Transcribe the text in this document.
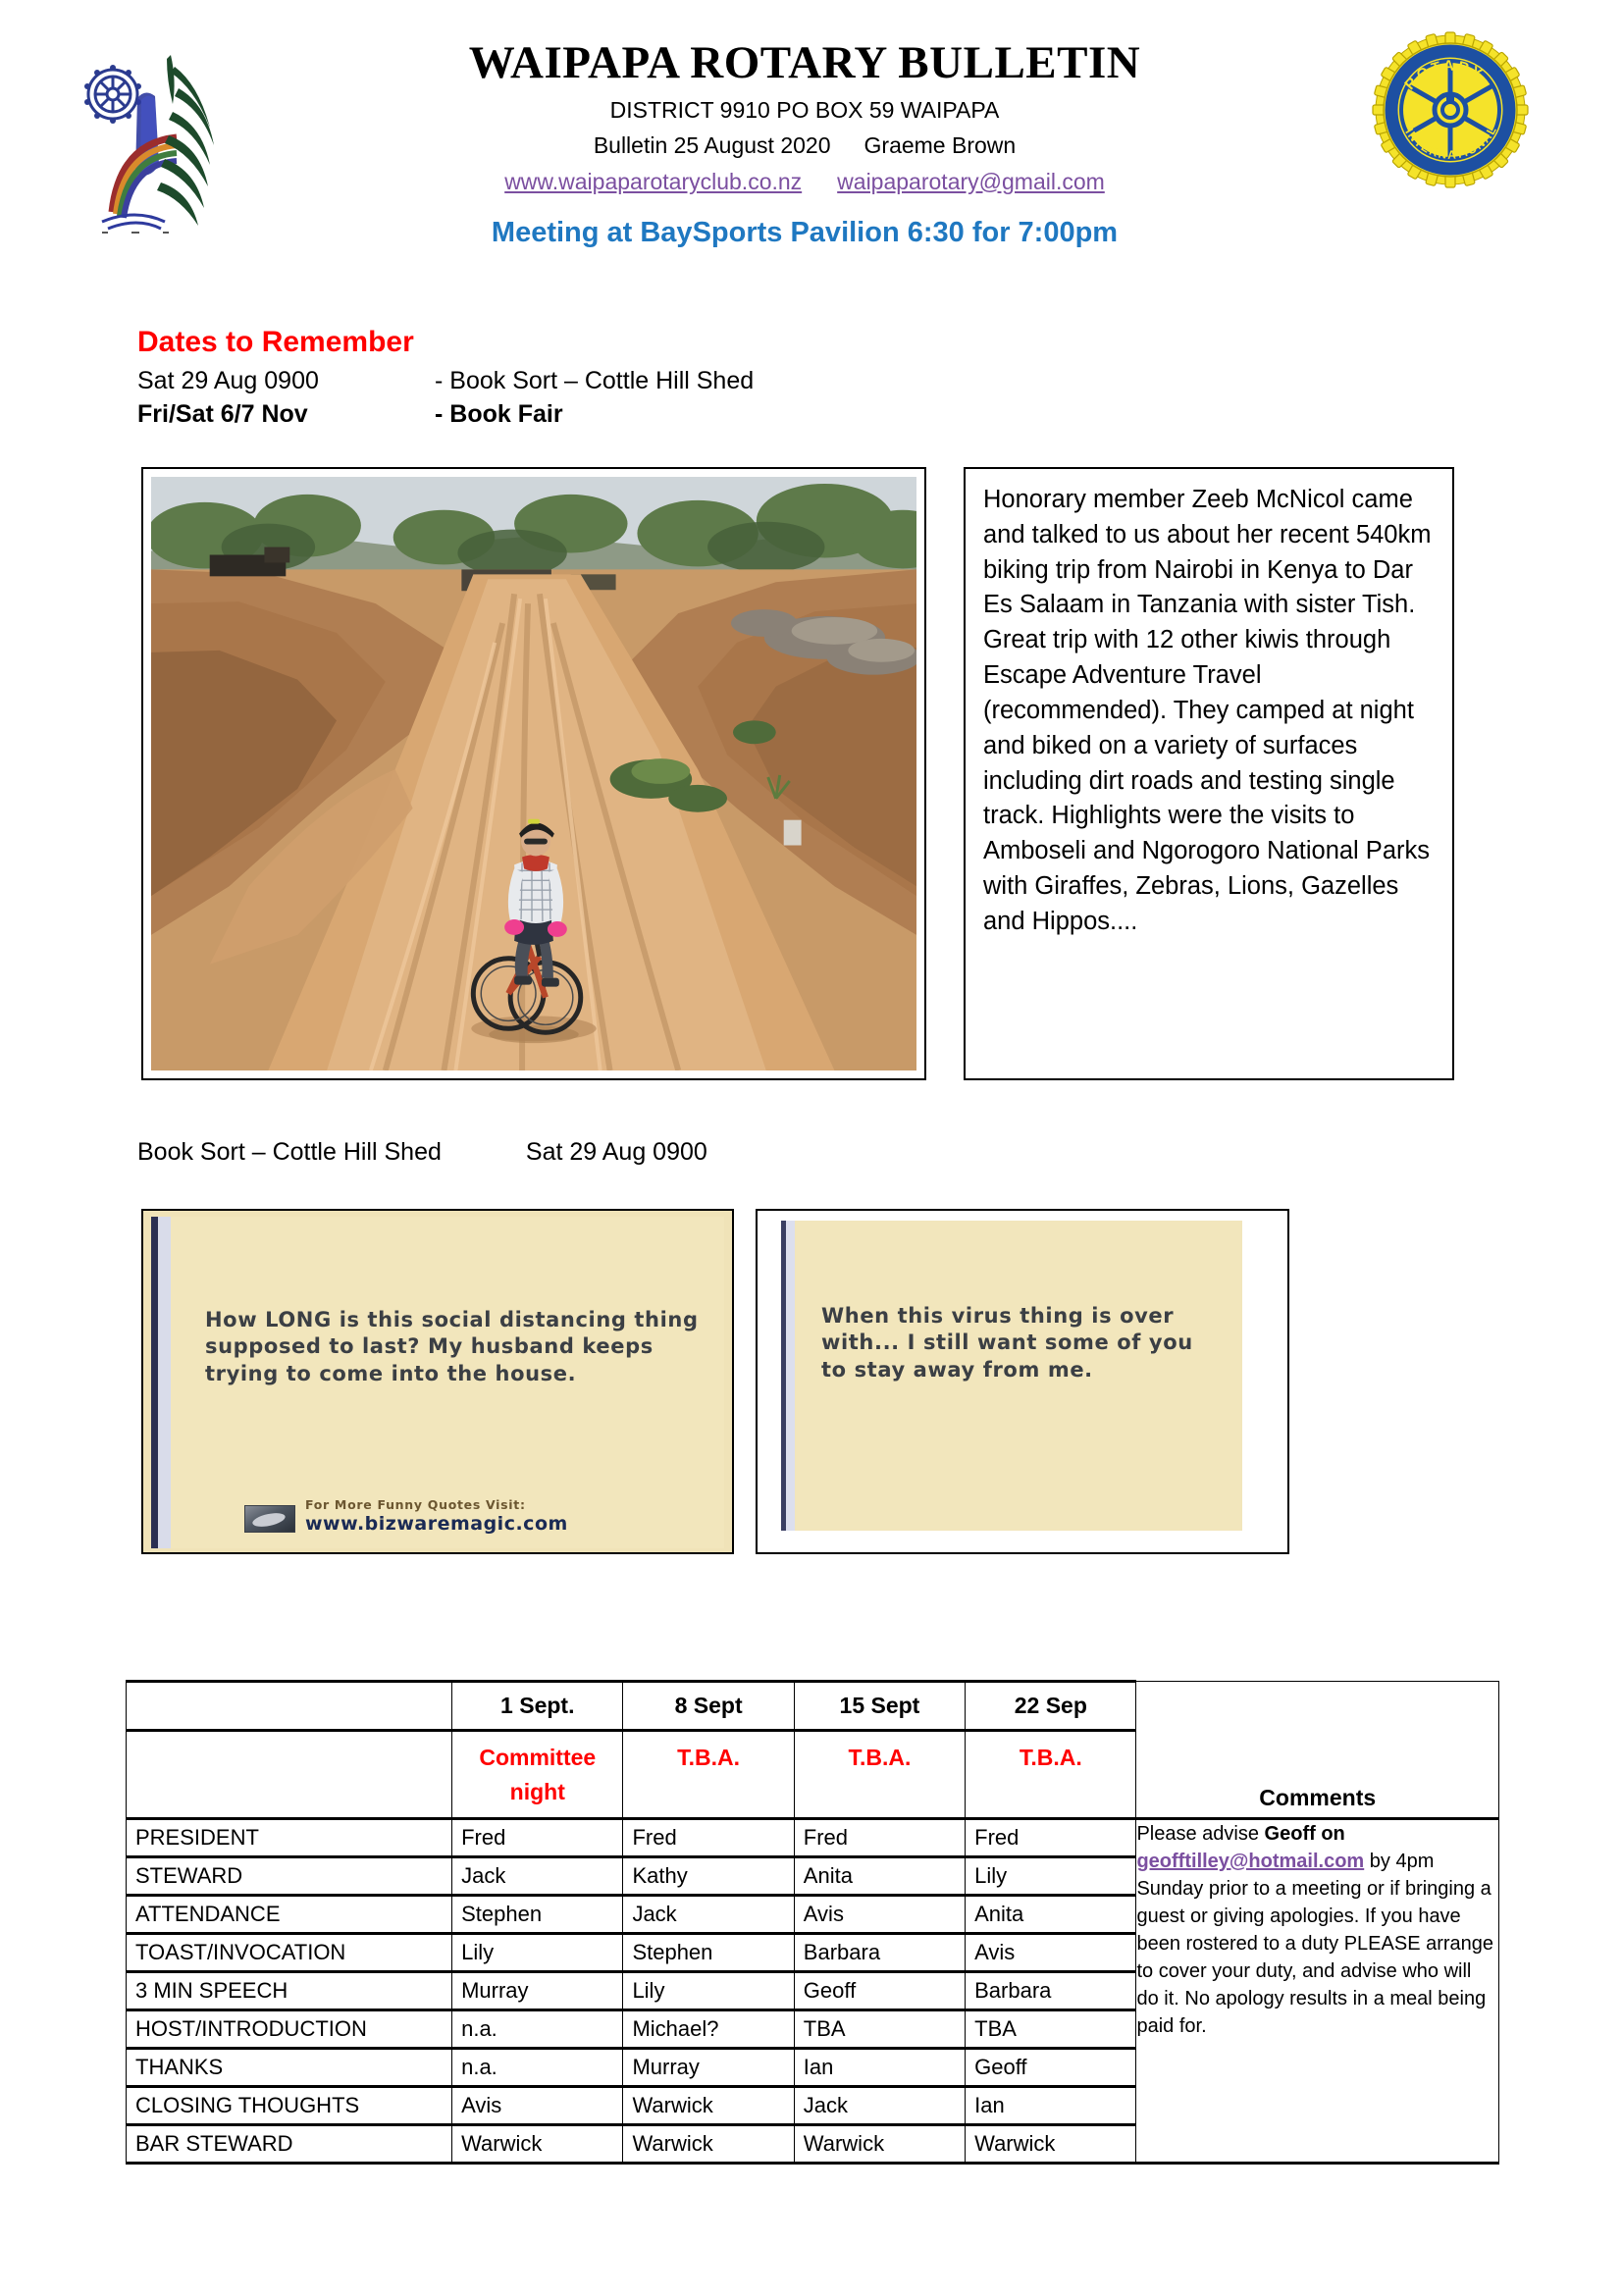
WAIPAPA ROTARY BULLETIN
DISTRICT 9910 PO BOX 59 WAIPAPA
Bulletin 25 August 2020 Graeme Brown
www.waipaparotaryclub.co.nz waipaparotary@gmail.com
Meeting at BaySports Pavilion 6:30 for 7:00pm
ROTARY
INTERNATIONAL
Dates to Remember
Sat 29 Aug 0900	- Book Sort – Cottle Hill Shed
Fri/Sat 6/7 Nov	- Book Fair
Honorary member Zeeb McNicol came and talked to us about her recent 540km biking trip from Nairobi in Kenya to Dar Es Salaam in Tanzania with sister Tish. Great trip with 12 other kiwis through Escape Adventure Travel (recommended). They camped at night and biked on a variety of surfaces including dirt roads and testing single track. Highlights were the visits to Amboseli and Ngorogoro National Parks with Giraffes, Zebras, Lions, Gazelles and Hippos....
Book Sort – Cottle Hill Shed	Sat 29 Aug 0900
How LONG is this social distancing thing supposed to last? My husband keeps trying to come into the house.
For More Funny Quotes Visit:
www.bizwaremagic.com
When this virus thing is over with... I still want some of you to stay away from me.
	1 Sept.	8 Sept	15 Sept	22 Sep	Comments
	Committee night	T.B.A.	T.B.A.	T.B.A.	
PRESIDENT	Fred	Fred	Fred	Fred	Please advise Geoff on geofftilley@hotmail.com by 4pm Sunday prior to a meeting or if bringing a guest or giving apologies. If you have been rostered to a duty PLEASE arrange to cover your duty, and advise who will do it. No apology results in a meal being paid for.
STEWARD	Jack	Kathy	Anita	Lily	
ATTENDANCE	Stephen	Jack	Avis	Anita	
TOAST/INVOCATION	Lily	Stephen	Barbara	Avis	
3 MIN SPEECH	Murray	Lily	Geoff	Barbara	
HOST/INTRODUCTION	n.a.	Michael?	TBA	TBA	
THANKS	n.a.	Murray	Ian	Geoff	
CLOSING THOUGHTS	Avis	Warwick	Jack	Ian	
BAR STEWARD	Warwick	Warwick	Warwick	Warwick	
